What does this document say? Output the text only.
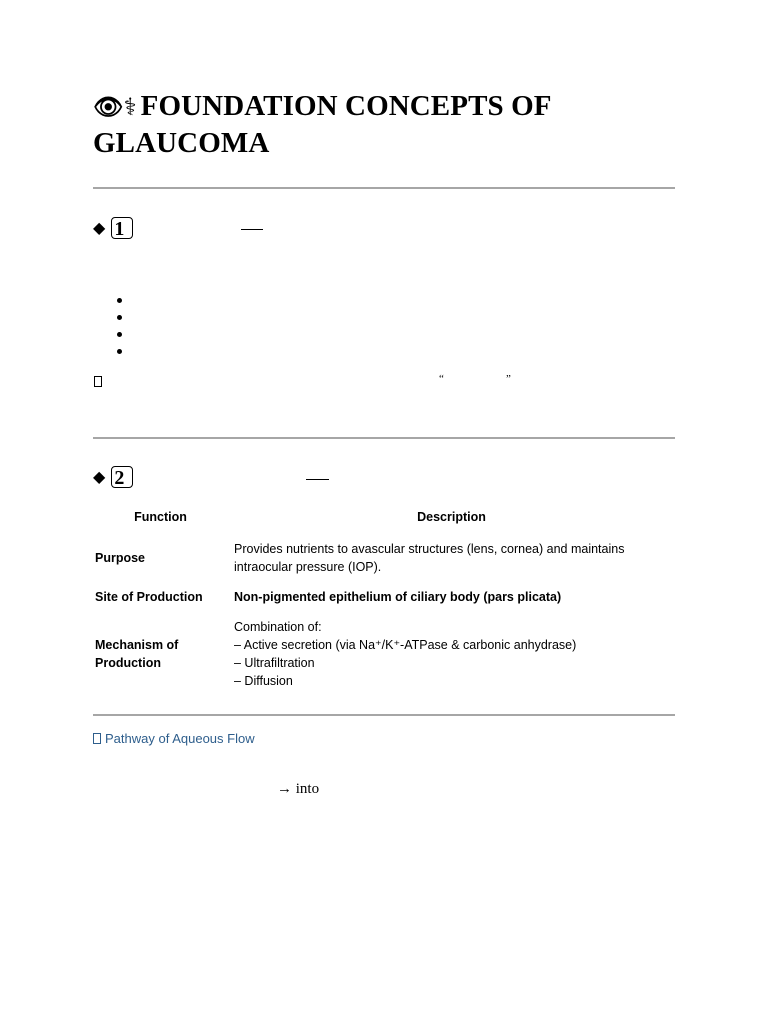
👁⚕ FOUNDATION CONCEPTS OF GLAUCOMA
◆ 1
“	”
◆ 2
Function	Description
Purpose	Provides nutrients to avascular structures (lens, cornea) and maintains
intraocular pressure (IOP).
Site of Production	Non-pigmented epithelium of ciliary body (pars plicata)
Mechanism of
Production	Combination of:
– Active secretion (via Na⁺/K⁺-ATPase & carbonic anhydrase)
– Ultrafiltration
– Diffusion
Pathway of Aqueous Flow
→ into
